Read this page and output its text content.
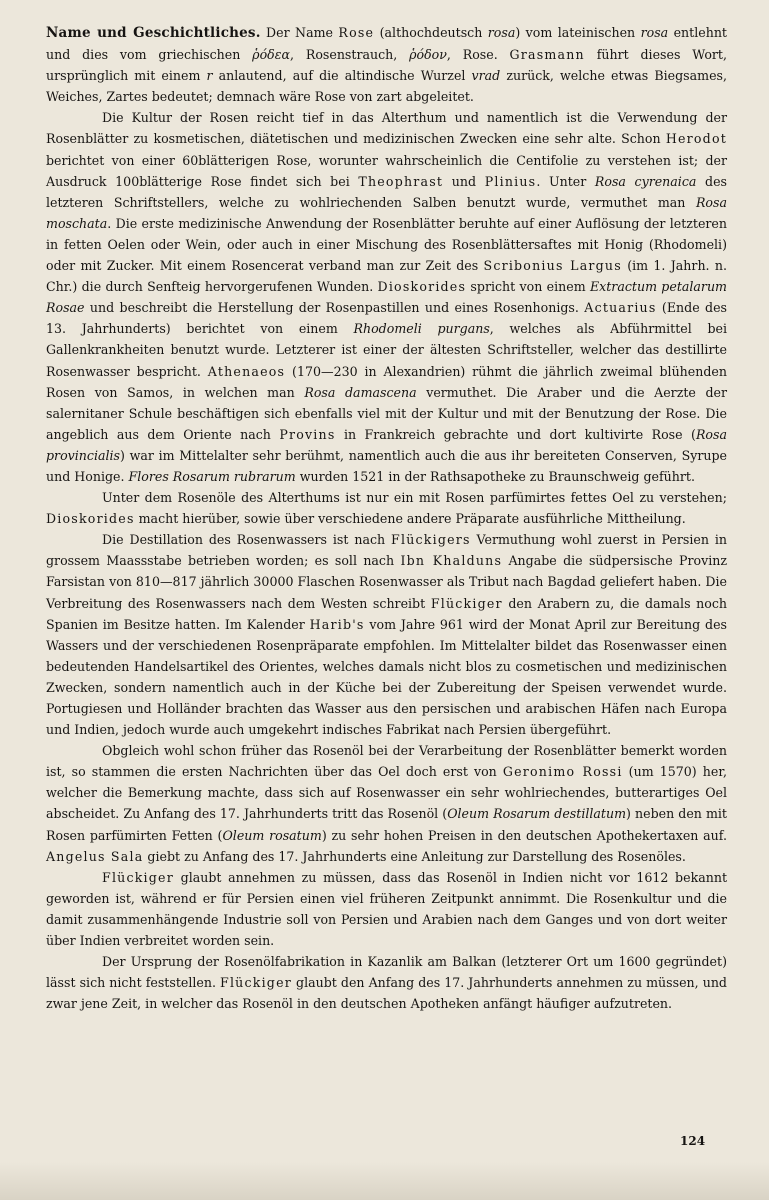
Name und Geschichtliches. Der Name Rose (althochdeutsch rosa) vom lateinischen rosa entlehnt und dies vom griechischen ῥόδεα, Rosenstrauch, ῥόδον, Rose. Grasmann führt dieses Wort, ursprünglich mit einem r anlautend, auf die altindische Wurzel vrad zurück, welche etwas Biegsames, Weiches, Zartes bedeutet; demnach wäre Rose von zart abgeleitet.

Die Kultur der Rosen reicht tief in das Alterthum und namentlich ist die Verwendung der Rosenblätter zu kosmetischen, diätetischen und medizinischen Zwecken eine sehr alte. Schon Herodot berichtet von einer 60blätterigen Rose, worunter wahrscheinlich die Centifolie zu verstehen ist; der Ausdruck 100blätterige Rose findet sich bei Theophrast und Plinius. Unter Rosa cyrenaica des letzteren Schriftstellers, welche zu wohlriechenden Salben benutzt wurde, vermuthet man Rosa moschata. Die erste medizinische Anwendung der Rosenblätter beruhte auf einer Auflösung der letzteren in fetten Oelen oder Wein, oder auch in einer Mischung des Rosenblättersaftes mit Honig (Rhodomeli) oder mit Zucker. Mit einem Rosencerat verband man zur Zeit des Scribonius Largus (im 1. Jahrh. n. Chr.) die durch Senfteig hervorgerufenen Wunden. Dioskorides spricht von einem Extractum petalarum Rosae und beschreibt die Herstellung der Rosenpastillen und eines Rosenhonigs. Actuarius (Ende des 13. Jahrhunderts) berichtet von einem Rhodomeli purgans, welches als Abführmittel bei Gallenkrankheiten benutzt wurde. Letzterer ist einer der ältesten Schriftsteller, welcher das destillirte Rosenwasser bespricht. Athenaeos (170—230 in Alexandrien) rühmt die jährlich zweimal blühenden Rosen von Samos, in welchen man Rosa damascena vermuthet. Die Araber und die Aerzte der salernitaner Schule beschäftigen sich ebenfalls viel mit der Kultur und mit der Benutzung der Rose. Die angeblich aus dem Oriente nach Provins in Frankreich gebrachte und dort kultivirte Rose (Rosa provincialis) war im Mittelalter sehr berühmt, namentlich auch die aus ihr bereiteten Conserven, Syrupe und Honige. Flores Rosarum rubrarum wurden 1521 in der Rathsapotheke zu Braunschweig geführt.

Unter dem Rosenöle des Alterthums ist nur ein mit Rosen parfümirtes fettes Oel zu verstehen; Dioskorides macht hierüber, sowie über verschiedene andere Präparate ausführliche Mittheilung.

Die Destillation des Rosenwassers ist nach Flückigers Vermuthung wohl zuerst in Persien in grossem Maassstabe betrieben worden; es soll nach Ibn Khalduns Angabe die südpersische Provinz Farsistan von 810—817 jährlich 30000 Flaschen Rosenwasser als Tribut nach Bagdad geliefert haben. Die Verbreitung des Rosenwassers nach dem Westen schreibt Flückiger den Arabern zu, die damals noch Spanien im Besitze hatten. Im Kalender Harib's vom Jahre 961 wird der Monat April zur Bereitung des Wassers und der verschiedenen Rosenpräparate empfohlen. Im Mittelalter bildet das Rosenwasser einen bedeutenden Handelsartikel des Orientes, welches damals nicht blos zu cosmetischen und medizinischen Zwecken, sondern namentlich auch in der Küche bei der Zubereitung der Speisen verwendet wurde. Portugiesen und Holländer brachten das Wasser aus den persischen und arabischen Häfen nach Europa und Indien, jedoch wurde auch umgekehrt indisches Fabrikat nach Persien übergeführt.

Obgleich wohl schon früher das Rosenöl bei der Verarbeitung der Rosenblätter bemerkt worden ist, so stammen die ersten Nachrichten über das Oel doch erst von Geronimo Rossi (um 1570) her, welcher die Bemerkung machte, dass sich auf Rosenwasser ein sehr wohlriechendes, butterartiges Oel abscheidet. Zu Anfang des 17. Jahrhunderts tritt das Rosenöl (Oleum Rosarum destillatum) neben den mit Rosen parfümirten Fetten (Oleum rosatum) zu sehr hohen Preisen in den deutschen Apothekertaxen auf. Angelus Sala giebt zu Anfang des 17. Jahrhunderts eine Anleitung zur Darstellung des Rosenöles.

Flückiger glaubt annehmen zu müssen, dass das Rosenöl in Indien nicht vor 1612 bekannt geworden ist, während er für Persien einen viel früheren Zeitpunkt annimmt. Die Rosenkultur und die damit zusammenhängende Industrie soll von Persien und Arabien nach dem Ganges und von dort weiter über Indien verbreitet worden sein.

Der Ursprung der Rosenölfabrikation in Kazanlik am Balkan (letzterer Ort um 1600 gegründet) lässt sich nicht feststellen. Flückiger glaubt den Anfang des 17. Jahrhunderts annehmen zu müssen, und zwar jene Zeit, in welcher das Rosenöl in den deutschen Apotheken anfängt häufiger aufzutreten.

124
